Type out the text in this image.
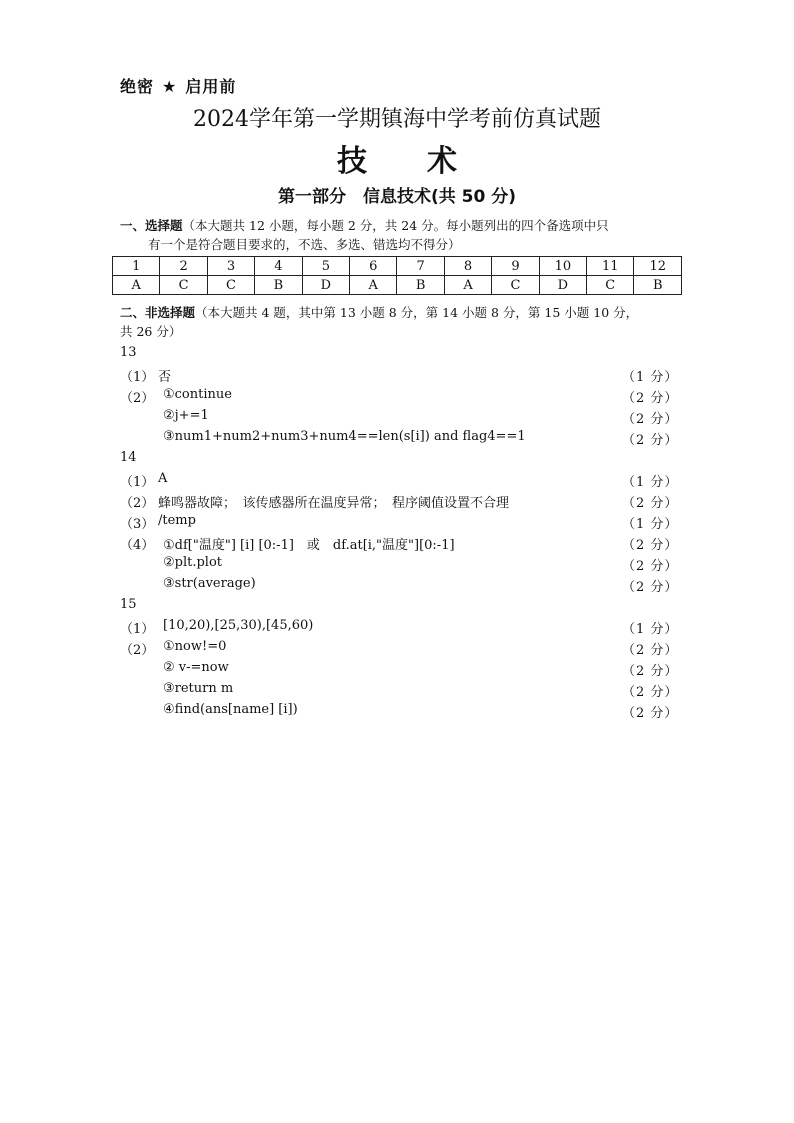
绝密 ★ 启用前
2024学年第一学期镇海中学考前仿真试题
技 术
第一部分　信息技术(共 50 分)
一、选择题（本大题共 12 小题，每小题 2 分，共 24 分。每小题列出的四个备选项中只
有一个是符合题目要求的，不选、多选、错选均不得分）
1	2	3	4	5	6	7	8	9	10	11	12
A	C	C	B	D	A	B	A	C	D	C	B
二、非选择题（本大题共 4 题，其中第 13 小题 8 分，第 14 小题 8 分，第 15 小题 10 分，
共 26 分）
13
（1） 否	（1 分）
（2） ①continue	（2 分）
②j+=1	（2 分）
③num1+num2+num3+num4==len(s[i]) and flag4==1	（2 分）
14
（1） A	（1 分）
（2） 蜂鸣器故障；　该传感器所在温度异常；　程序阈值设置不合理	（2 分）
（3） /temp	（1 分）
（4） ①df["温度"] [i] [0:-1]　或　df.at[i,"温度"][0:-1]	（2 分）
②plt.plot	（2 分）
③str(average)	（2 分）
15
（1） [10,20),[25,30),[45,60)	（1 分）
（2） ①now!=0	（2 分）
② v-=now	（2 分）
③return m	（2 分）
④find(ans[name] [i])	（2 分）
